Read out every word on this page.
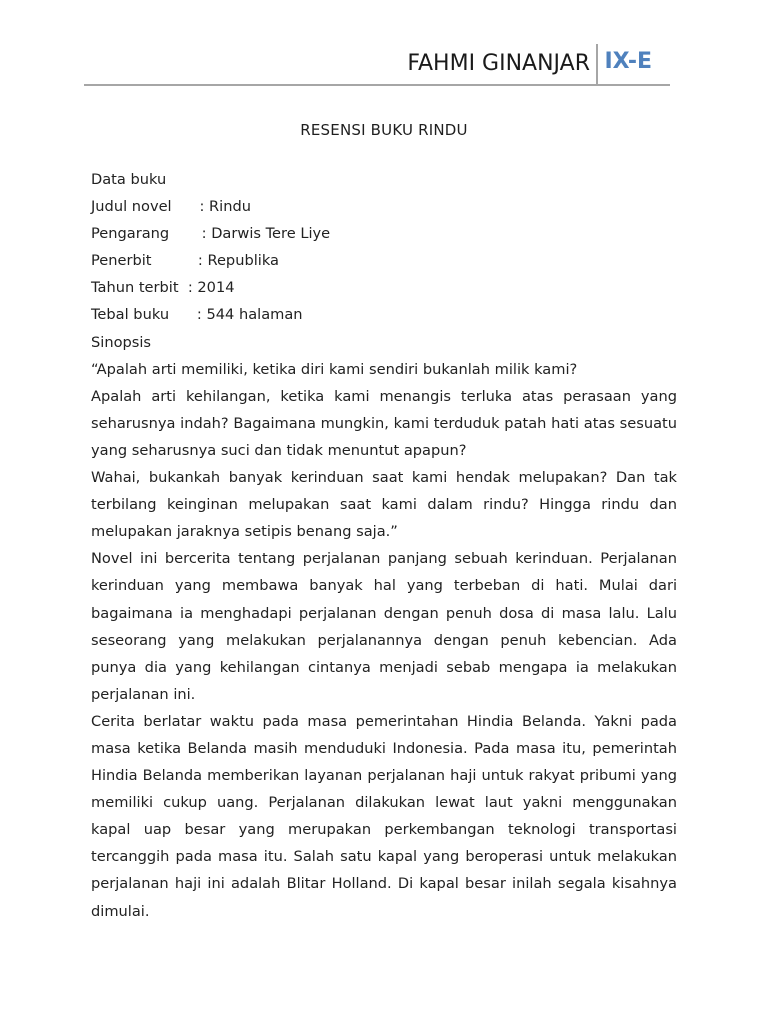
FAHMI GINANJAR IX-E
RESENSI BUKU RINDU
Data buku
Judul novel      : Rindu
Pengarang       : Darwis Tere Liye
Penerbit          : Republika
Tahun terbit  : 2014
Tebal buku      : 544 halaman
Sinopsis
“Apalah arti memiliki, ketika diri kami sendiri bukanlah milik kami?

Apalah arti kehilangan, ketika kami menangis terluka atas perasaan yang seharusnya indah? Bagaimana mungkin, kami terduduk patah hati atas sesuatu yang seharusnya suci dan tidak menuntut apapun?

Wahai, bukankah banyak kerinduan saat kami hendak melupakan? Dan tak terbilang keinginan melupakan saat kami dalam rindu? Hingga rindu dan melupakan jaraknya setipis benang saja.”

Novel ini bercerita tentang perjalanan panjang sebuah kerinduan. Perjalanan kerinduan yang membawa banyak hal yang terbeban di hati. Mulai dari bagaimana ia menghadapi perjalanan dengan penuh dosa di masa lalu. Lalu seseorang yang melakukan perjalanannya dengan penuh kebencian. Ada punya dia yang kehilangan cintanya menjadi sebab mengapa ia melakukan perjalanan ini.

Cerita berlatar waktu pada masa pemerintahan Hindia Belanda. Yakni pada masa ketika Belanda masih menduduki Indonesia. Pada masa itu, pemerintah Hindia Belanda memberikan layanan perjalanan haji untuk rakyat pribumi yang memiliki cukup uang. Perjalanan dilakukan lewat laut yakni menggunakan kapal uap besar yang merupakan perkembangan teknologi transportasi tercanggih pada masa itu. Salah satu kapal yang beroperasi untuk melakukan perjalanan haji ini adalah Blitar Holland. Di kapal besar inilah segala kisahnya dimulai.
